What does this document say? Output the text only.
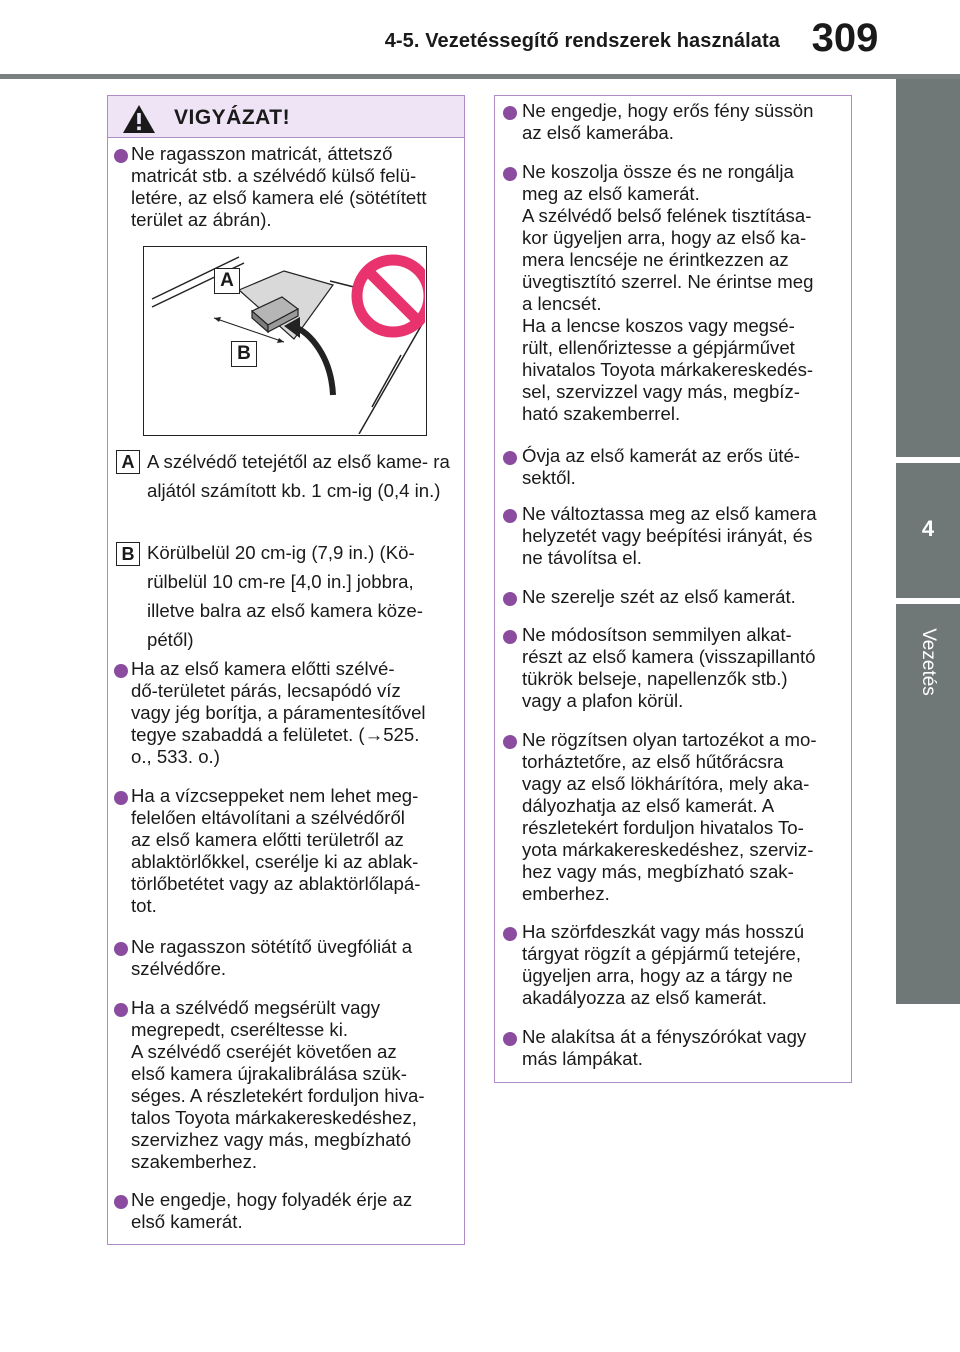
4-5. Vezetéssegítő rendszerek használata 309
4
Vezetés
VIGYÁZAT!
A
B
A A szélvédő tetejétől az első kame- ra aljától számított kb. 1 cm-ig (0,4 in.)
B Körülbelül 20 cm-ig (7,9 in.) (Kö- rülbelül 10 cm-re [4,0 in.] jobbra, illetve balra az első kamera köze- pétől)
Ne ragasszon matricát, áttetsző
matricát stb. a szélvédő külső felü-
letére, az első kamera elé (sötétített
terület az ábrán).
Ha az első kamera előtti szélvé-
dő-területet párás, lecsapódó víz
vagy jég borítja, a páramentesítővel
tegye szabaddá a felületet. (→525.
o., 533. o.)
Ha a vízcseppeket nem lehet meg-
felelően eltávolítani a szélvédőről
az első kamera előtti területről az
ablaktörlőkkel, cserélje ki az ablak-
törlőbetétet vagy az ablaktörlőlapá-
tot.
Ne ragasszon sötétítő üvegfóliát a
szélvédőre.
Ha a szélvédő megsérült vagy
megrepedt, cseréltesse ki.
A szélvédő cseréjét követően az
első kamera újrakalibrálása szük-
séges. A részletekért forduljon hiva-
talos Toyota márkakereskedéshez,
szervizhez vagy más, megbízható
szakemberhez.
Ne engedje, hogy folyadék érje az
első kamerát.
Ne engedje, hogy erős fény süssön
az első kamerába.
Ne koszolja össze és ne rongálja
meg az első kamerát.
A szélvédő belső felének tisztítása-
kor ügyeljen arra, hogy az első ka-
mera lencséje ne érintkezzen az
üvegtisztító szerrel. Ne érintse meg
a lencsét.
Ha a lencse koszos vagy megsé-
rült, ellenőriztesse a gépjárművet
hivatalos Toyota márkakereskedés-
sel, szervizzel vagy más, megbíz-
ható szakemberrel.
Óvja az első kamerát az erős üté-
sektől.
Ne változtassa meg az első kamera
helyzetét vagy beépítési irányát, és
ne távolítsa el.
Ne szerelje szét az első kamerát.
Ne módosítson semmilyen alkat-
részt az első kamera (visszapillantó
tükrök belseje, napellenzők stb.)
vagy a plafon körül.
Ne rögzítsen olyan tartozékot a mo-
torháztetőre, az első hűtőrácsra
vagy az első lökhárítóra, mely aka-
dályozhatja az első kamerát. A
részletekért forduljon hivatalos To-
yota márkakereskedéshez, szerviz-
hez vagy más, megbízható szak-
emberhez.
Ha szörfdeszkát vagy más hosszú
tárgyat rögzít a gépjármű tetejére,
ügyeljen arra, hogy az a tárgy ne
akadályozza az első kamerát.
Ne alakítsa át a fényszórókat vagy
más lámpákat.
